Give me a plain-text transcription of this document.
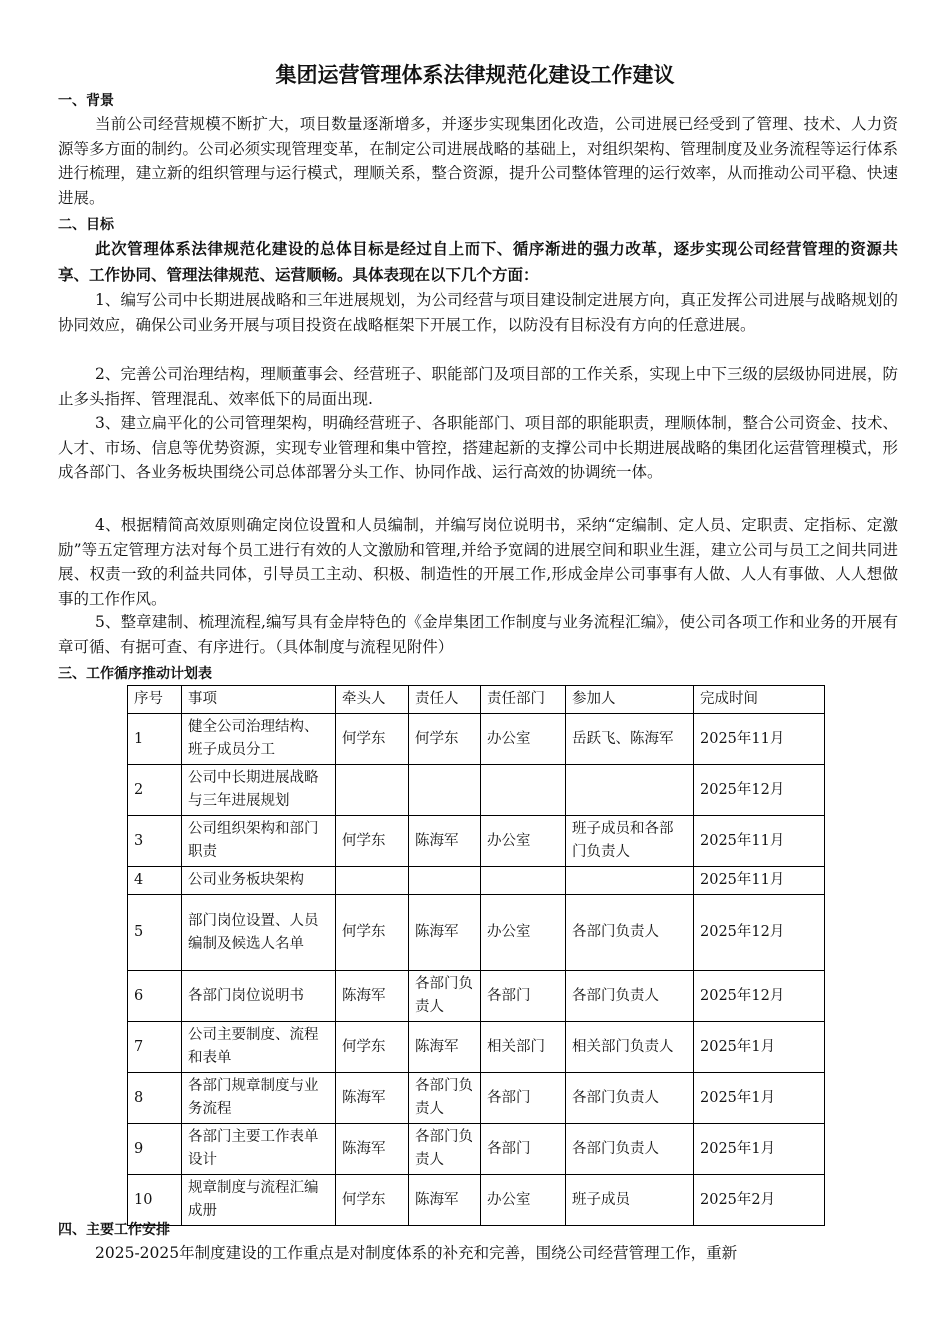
集团运营管理体系法律规范化建设工作建议
一、背景

当前公司经营规模不断扩大，项目数量逐渐增多，并逐步实现集团化改造，公司进展已经受到了管理、技术、人力资源等多方面的制约。公司必须实现管理变革，在制定公司进展战略的基础上，对组织架构、管理制度及业务流程等运行体系进行梳理，建立新的组织管理与运行模式，理顺关系，整合资源，提升公司整体管理的运行效率，从而推动公司平稳、快速进展。

二、目标

此次管理体系法律规范化建设的总体目标是经过自上而下、循序渐进的强力改革，逐步实现公司经营管理的资源共享、工作协同、管理法律规范、运营顺畅。具体表现在以下几个方面：

1、编写公司中长期进展战略和三年进展规划，为公司经营与项目建设制定进展方向，真正发挥公司进展与战略规划的协同效应，确保公司业务开展与项目投资在战略框架下开展工作，以防没有目标没有方向的任意进展。

2、完善公司治理结构，理顺董事会、经营班子、职能部门及项目部的工作关系，实现上中下三级的层级协同进展，防止多头指挥、管理混乱、效率低下的局面出现.

3、建立扁平化的公司管理架构，明确经营班子、各职能部门、项目部的职能职责，理顺体制，整合公司资金、技术、人才、市场、信息等优势资源，实现专业管理和集中管控，搭建起新的支撑公司中长期进展战略的集团化运营管理模式，形成各部门、各业务板块围绕公司总体部署分头工作、协同作战、运行高效的协调统一体。

4、根据精简高效原则确定岗位设置和人员编制，并编写岗位说明书，采纳“定编制、定人员、定职责、定指标、定激励”等五定管理方法对每个员工进行有效的人文激励和管理,并给予宽阔的进展空间和职业生涯，建立公司与员工之间共同进展、权责一致的利益共同体，引导员工主动、积极、制造性的开展工作,形成金岸公司事事有人做、人人有事做、人人想做事的工作作风。

5、整章建制、梳理流程,编写具有金岸特色的《金岸集团工作制度与业务流程汇编》，使公司各项工作和业务的开展有章可循、有据可查、有序进行。（具体制度与流程见附件）

三、工作循序推动计划表
序号	事项	牵头人	责任人	责任部门	参加人	完成时间
1	健全公司治理结构、班子成员分工	何学东	何学东	办公室	岳跃飞、陈海军	2025年11月
2	公司中长期进展战略与三年进展规划					2025年12月
3	公司组织架构和部门职责	何学东	陈海军	办公室	班子成员和各部门负责人	2025年11月
4	公司业务板块架构					2025年11月
5	部门岗位设置、人员编制及候选人名单	何学东	陈海军	办公室	各部门负责人	2025年12月
6	各部门岗位说明书	陈海军	各部门负责人	各部门	各部门负责人	2025年12月
7	公司主要制度、流程和表单	何学东	陈海军	相关部门	相关部门负责人	2025年1月
8	各部门规章制度与业务流程	陈海军	各部门负责人	各部门	各部门负责人	2025年1月
9	各部门主要工作表单设计	陈海军	各部门负责人	各部门	各部门负责人	2025年1月
10	规章制度与流程汇编成册	何学东	陈海军	办公室	班子成员	2025年2月
四、主要工作安排

2025-2025年制度建设的工作重点是对制度体系的补充和完善，围绕公司经营管理工作，重新
